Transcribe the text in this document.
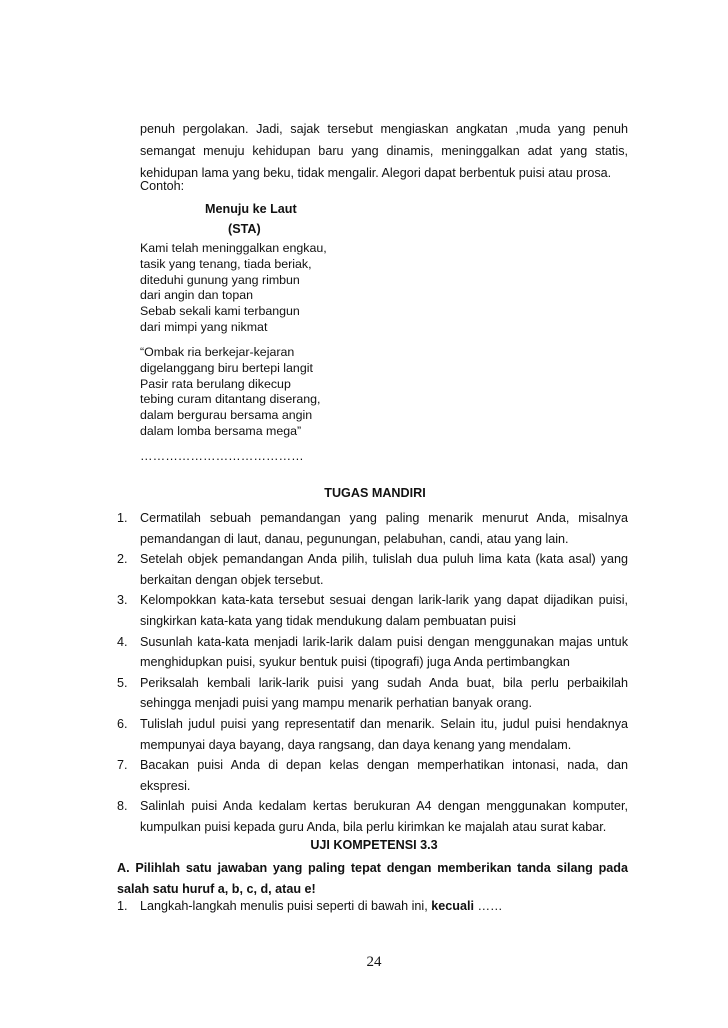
penuh pergolakan. Jadi, sajak tersebut mengiaskan angkatan ,muda yang penuh semangat menuju kehidupan baru yang dinamis, meninggalkan adat yang statis, kehidupan lama yang beku, tidak mengalir. Alegori dapat berbentuk puisi atau prosa.

Contoh:

Menuju ke Laut

(STA)

Kami telah meninggalkan engkau,
tasik yang tenang, tiada beriak,
diteduhi gunung yang rimbun
dari angin dan topan
Sebab sekali kami terbangun
dari mimpi yang nikmat
“Ombak ria berkejar-kejaran
digelanggang biru bertepi langit
Pasir rata berulang dikecup
tebing curam ditantang diserang,
dalam bergurau bersama angin
dalam lomba bersama mega”

…………………………………

TUGAS MANDIRI

1. Cermatilah sebuah pemandangan yang paling menarik menurut Anda, misalnya pemandangan di laut, danau, pegunungan, pelabuhan, candi, atau yang lain.
2. Setelah objek pemandangan Anda pilih, tulislah dua puluh lima kata (kata asal) yang berkaitan dengan objek tersebut.
3. Kelompokkan kata-kata tersebut sesuai dengan larik-larik yang dapat dijadikan puisi, singkirkan kata-kata yang tidak mendukung dalam pembuatan puisi
4. Susunlah kata-kata menjadi larik-larik dalam puisi dengan menggunakan majas untuk menghidupkan puisi, syukur bentuk puisi (tipografi) juga Anda pertimbangkan
5. Periksalah kembali larik-larik puisi yang sudah Anda buat, bila perlu perbaikilah sehingga menjadi puisi yang mampu menarik perhatian banyak orang.
6. Tulislah judul puisi yang representatif dan menarik. Selain itu, judul puisi hendaknya mempunyai daya bayang, daya rangsang, dan daya kenang yang mendalam.
7. Bacakan puisi Anda di depan kelas dengan memperhatikan intonasi, nada, dan ekspresi.
8. Salinlah puisi Anda kedalam kertas berukuran A4 dengan menggunakan komputer, kumpulkan puisi kepada guru Anda, bila perlu kirimkan ke majalah atau surat kabar.

UJI KOMPETENSI 3.3

A. Pilihlah satu jawaban yang paling tepat dengan memberikan tanda silang pada salah satu huruf a, b, c, d, atau e!

1. Langkah-langkah menulis puisi seperti di bawah ini, kecuali ……

24
